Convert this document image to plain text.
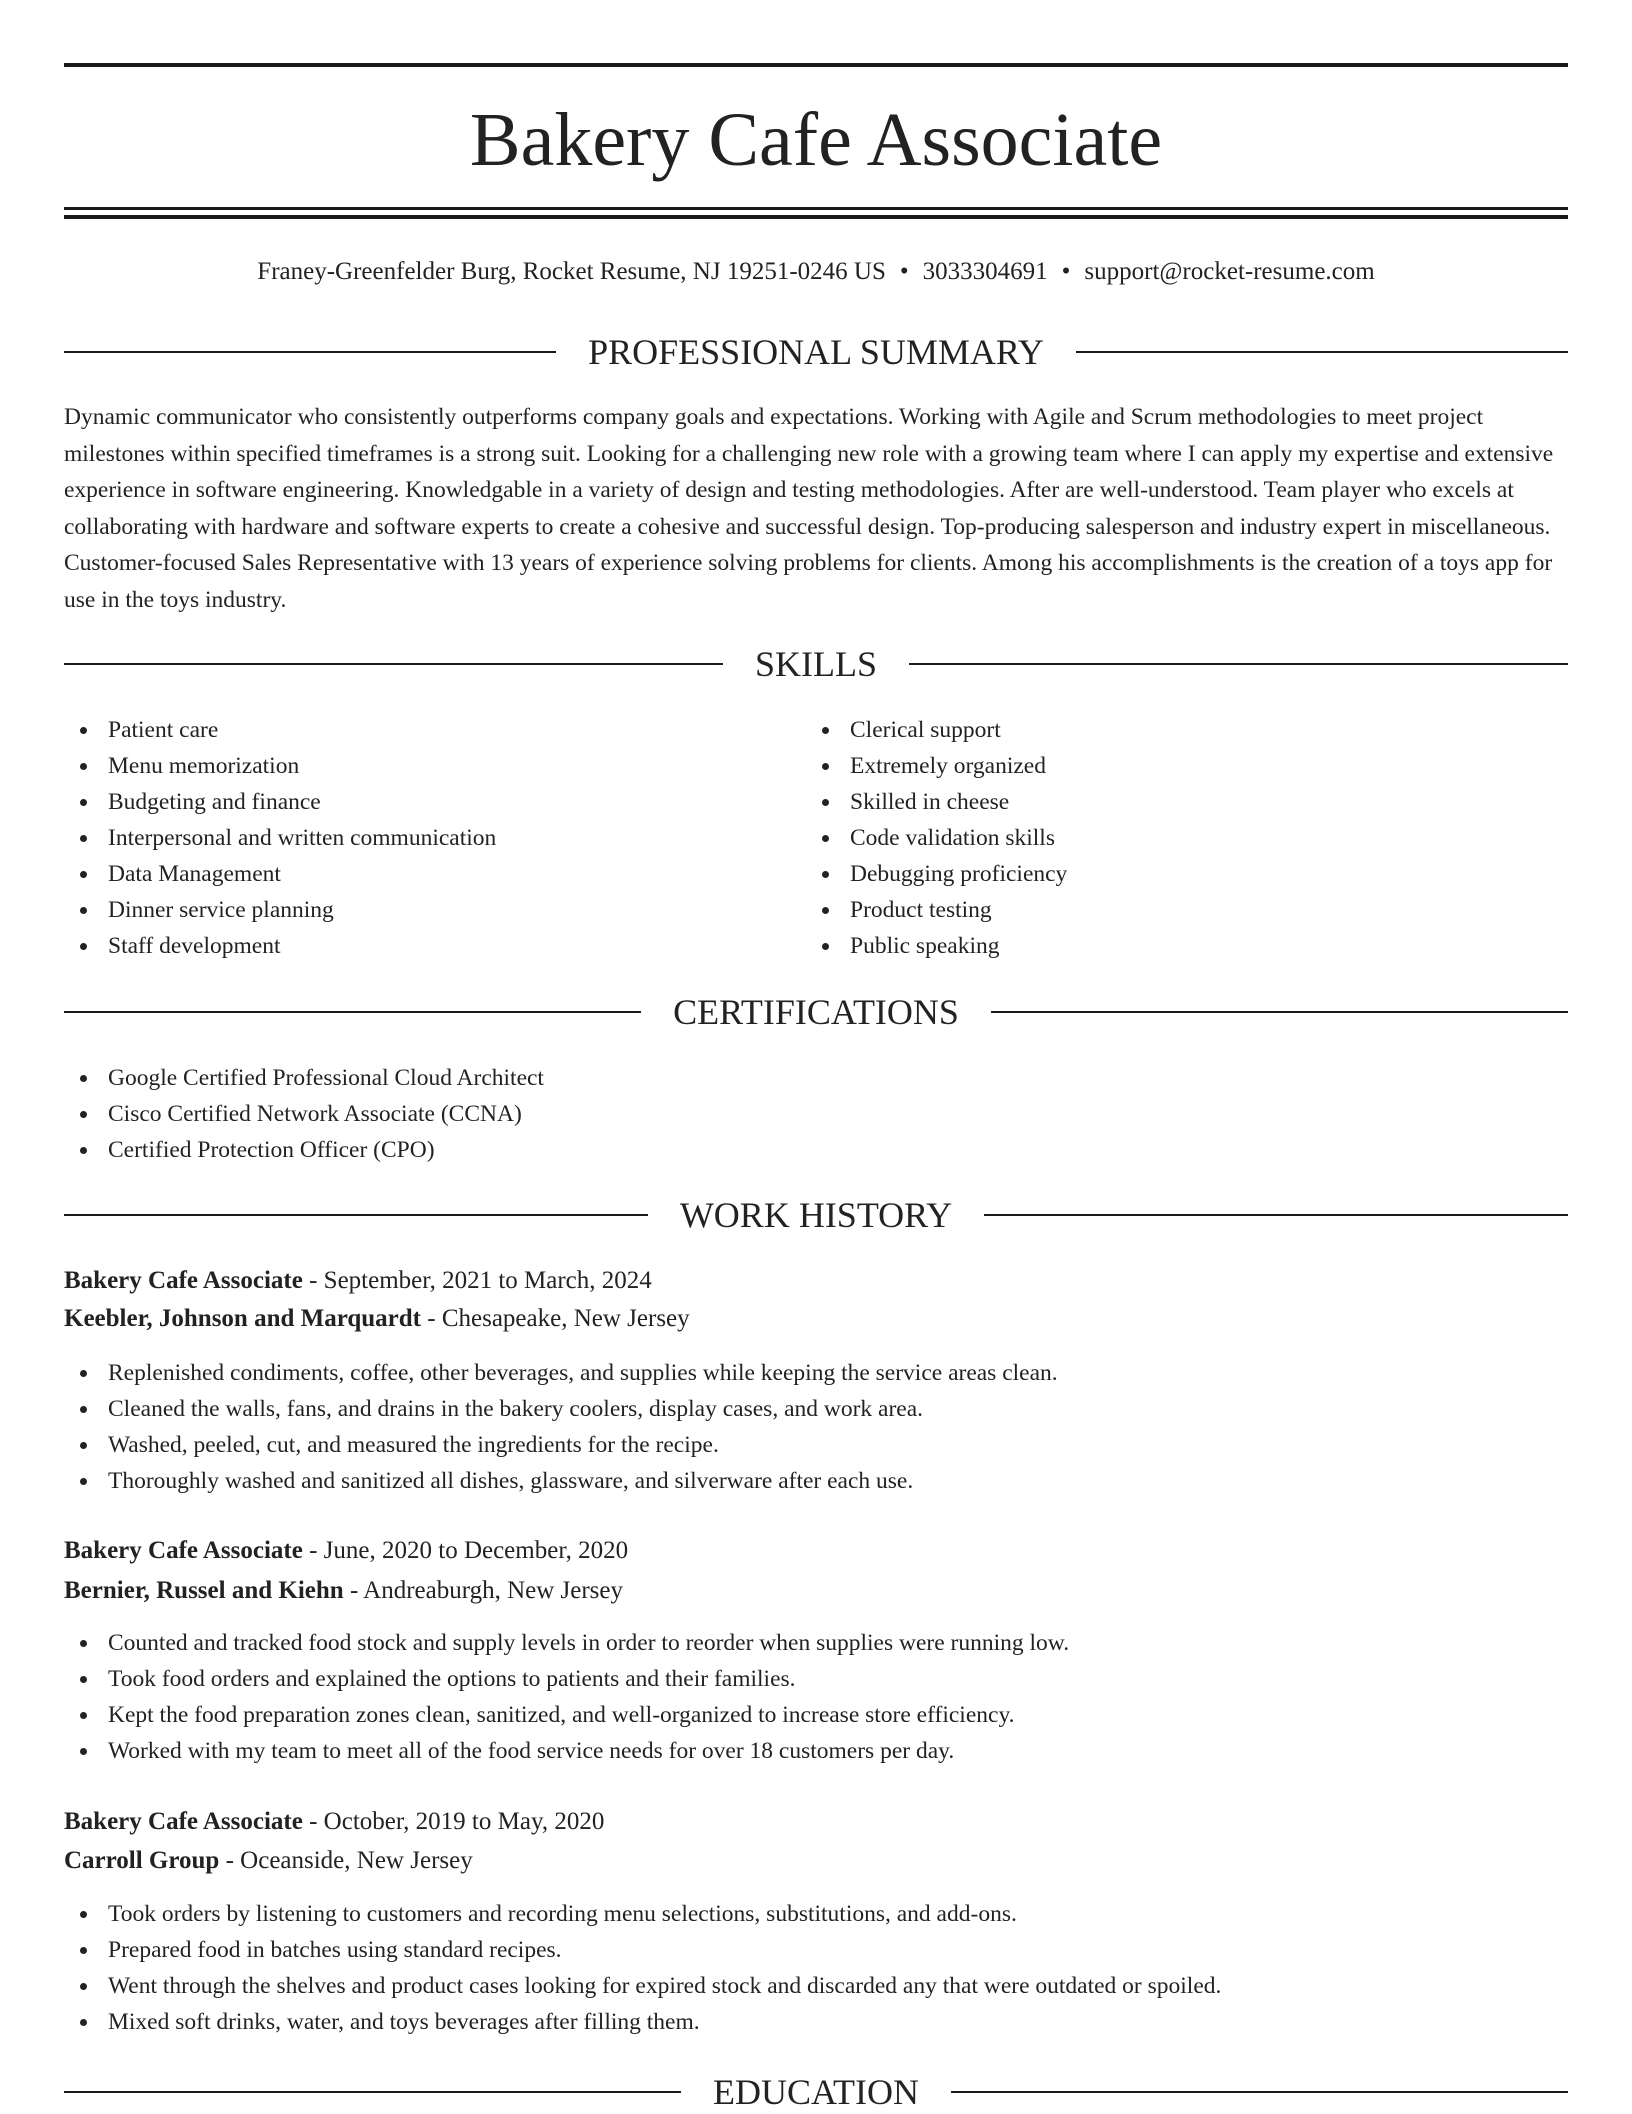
Bakery Cafe Associate
Franey-Greenfelder Burg, Rocket Resume, NJ 19251-0246 US • 3033304691 • support@rocket-resume.com
PROFESSIONAL SUMMARY

Dynamic communicator who consistently outperforms company goals and expectations. Working with Agile and Scrum methodologies to meet project milestones within specified timeframes is a strong suit. Looking for a challenging new role with a growing team where I can apply my expertise and extensive experience in software engineering. Knowledgable in a variety of design and testing methodologies. After are well-understood. Team player who excels at collaborating with hardware and software experts to create a cohesive and successful design. Top-producing salesperson and industry expert in miscellaneous. Customer-focused Sales Representative with 13 years of experience solving problems for clients. Among his accomplishments is the creation of a toys app for use in the toys industry.

SKILLS
Patient care
Menu memorization
Budgeting and finance
Interpersonal and written communication
Data Management
Dinner service planning
Staff development
Clerical support
Extremely organized
Skilled in cheese
Code validation skills
Debugging proficiency
Product testing
Public speaking
CERTIFICATIONS
Google Certified Professional Cloud Architect
Cisco Certified Network Associate (CCNA)
Certified Protection Officer (CPO)
WORK HISTORY
Bakery Cafe Associate - September, 2021 to March, 2024
Keebler, Johnson and Marquardt - Chesapeake, New Jersey
Replenished condiments, coffee, other beverages, and supplies while keeping the service areas clean.
Cleaned the walls, fans, and drains in the bakery coolers, display cases, and work area.
Washed, peeled, cut, and measured the ingredients for the recipe.
Thoroughly washed and sanitized all dishes, glassware, and silverware after each use.
Bakery Cafe Associate - June, 2020 to December, 2020
Bernier, Russel and Kiehn - Andreaburgh, New Jersey
Counted and tracked food stock and supply levels in order to reorder when supplies were running low.
Took food orders and explained the options to patients and their families.
Kept the food preparation zones clean, sanitized, and well-organized to increase store efficiency.
Worked with my team to meet all of the food service needs for over 18 customers per day.
Bakery Cafe Associate - October, 2019 to May, 2020
Carroll Group - Oceanside, New Jersey
Took orders by listening to customers and recording menu selections, substitutions, and add-ons.
Prepared food in batches using standard recipes.
Went through the shelves and product cases looking for expired stock and discarded any that were outdated or spoiled.
Mixed soft drinks, water, and toys beverages after filling them.
EDUCATION
